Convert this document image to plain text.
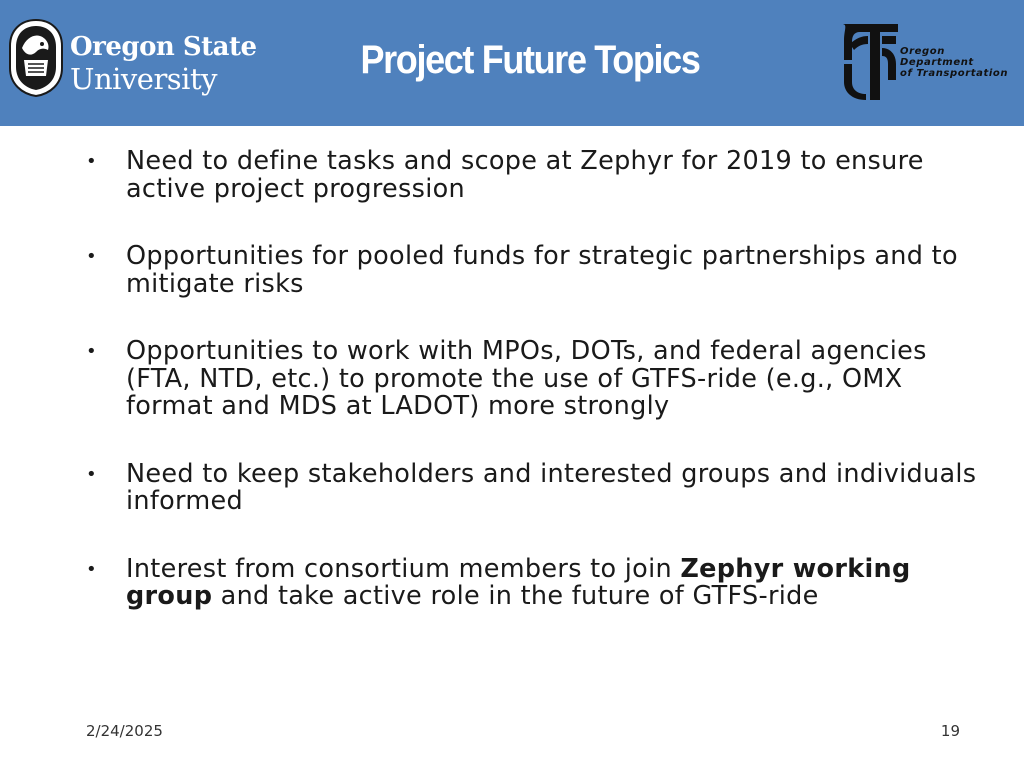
Oregon State
University	Project Future Topics	Oregon
Department
of Transportation
• Need to define tasks and scope at Zephyr for 2019 to ensure active project progression
• Opportunities for pooled funds for strategic partnerships and to mitigate risks
• Opportunities to work with MPOs, DOTs, and federal agencies (FTA, NTD, etc.) to promote the use of GTFS-ride (e.g., OMX format and MDS at LADOT) more strongly
• Need to keep stakeholders and interested groups and individuals informed
• Interest from consortium members to join Zephyr working group and take active role in the future of GTFS-ride
2/24/2025	19
